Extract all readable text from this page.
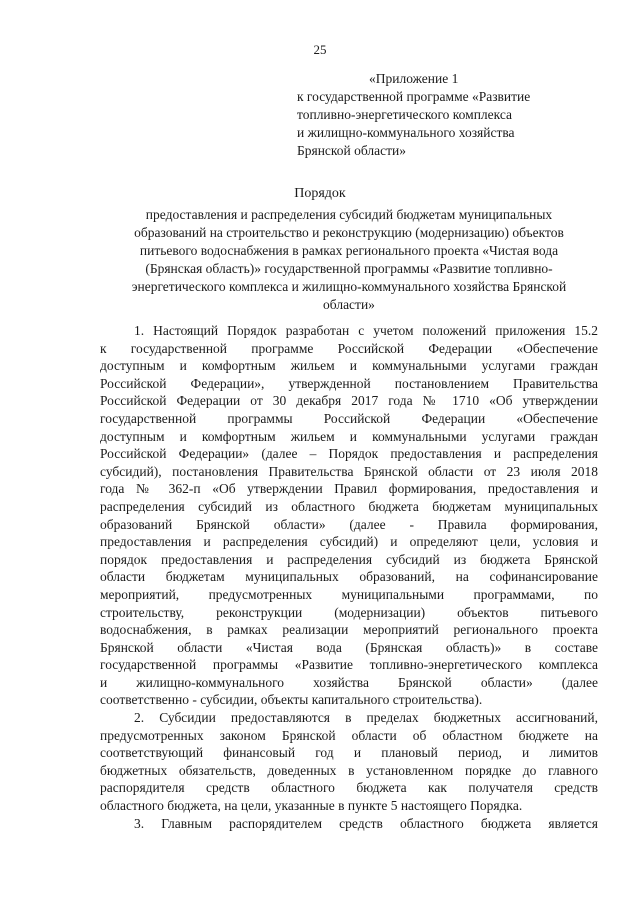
25
«Приложение 1
к государственной программе «Развитие
топливно-энергетического комплекса
и жилищно-коммунального хозяйства
Брянской области»
Порядок
предоставления и распределения субсидий бюджетам муниципальных
образований на строительство и реконструкцию (модернизацию) объектов
питьевого водоснабжения в рамках регионального проекта «Чистая вода
(Брянская область)» государственной программы «Развитие топливно-
энергетического комплекса и жилищно-коммунального хозяйства Брянской
области»
1. Настоящий Порядок разработан с учетом положений приложения 15.2
к государственной программе Российской Федерации «Обеспечение
доступным и комфортным жильем и коммунальными услугами граждан
Российской Федерации», утвержденной постановлением Правительства
Российской Федерации от 30 декабря 2017 года № 1710 «Об утверждении
государственной программы Российской Федерации «Обеспечение
доступным и комфортным жильем и коммунальными услугами граждан
Российской Федерации» (далее – Порядок предоставления и распределения
субсидий), постановления Правительства Брянской области от 23 июля 2018
года № 362-п «Об утверждении Правил формирования, предоставления и
распределения субсидий из областного бюджета бюджетам муниципальных
образований Брянской области» (далее - Правила формирования,
предоставления и распределения субсидий) и определяют цели, условия и
порядок предоставления и распределения субсидий из бюджета Брянской
области бюджетам муниципальных образований, на софинансирование
мероприятий, предусмотренных муниципальными программами, по
строительству, реконструкции (модернизации) объектов питьевого
водоснабжения, в рамках реализации мероприятий регионального проекта
Брянской области «Чистая вода (Брянская область)» в составе
государственной программы «Развитие топливно-энергетического комплекса
и жилищно-коммунального хозяйства Брянской области» (далее
соответственно - субсидии, объекты капитального строительства).
2. Субсидии предоставляются в пределах бюджетных ассигнований,
предусмотренных законом Брянской области об областном бюджете на
соответствующий финансовый год и плановый период, и лимитов
бюджетных обязательств, доведенных в установленном порядке до главного
распорядителя средств областного бюджета как получателя средств
областного бюджета, на цели, указанные в пункте 5 настоящего Порядка.
3. Главным распорядителем средств областного бюджета является
